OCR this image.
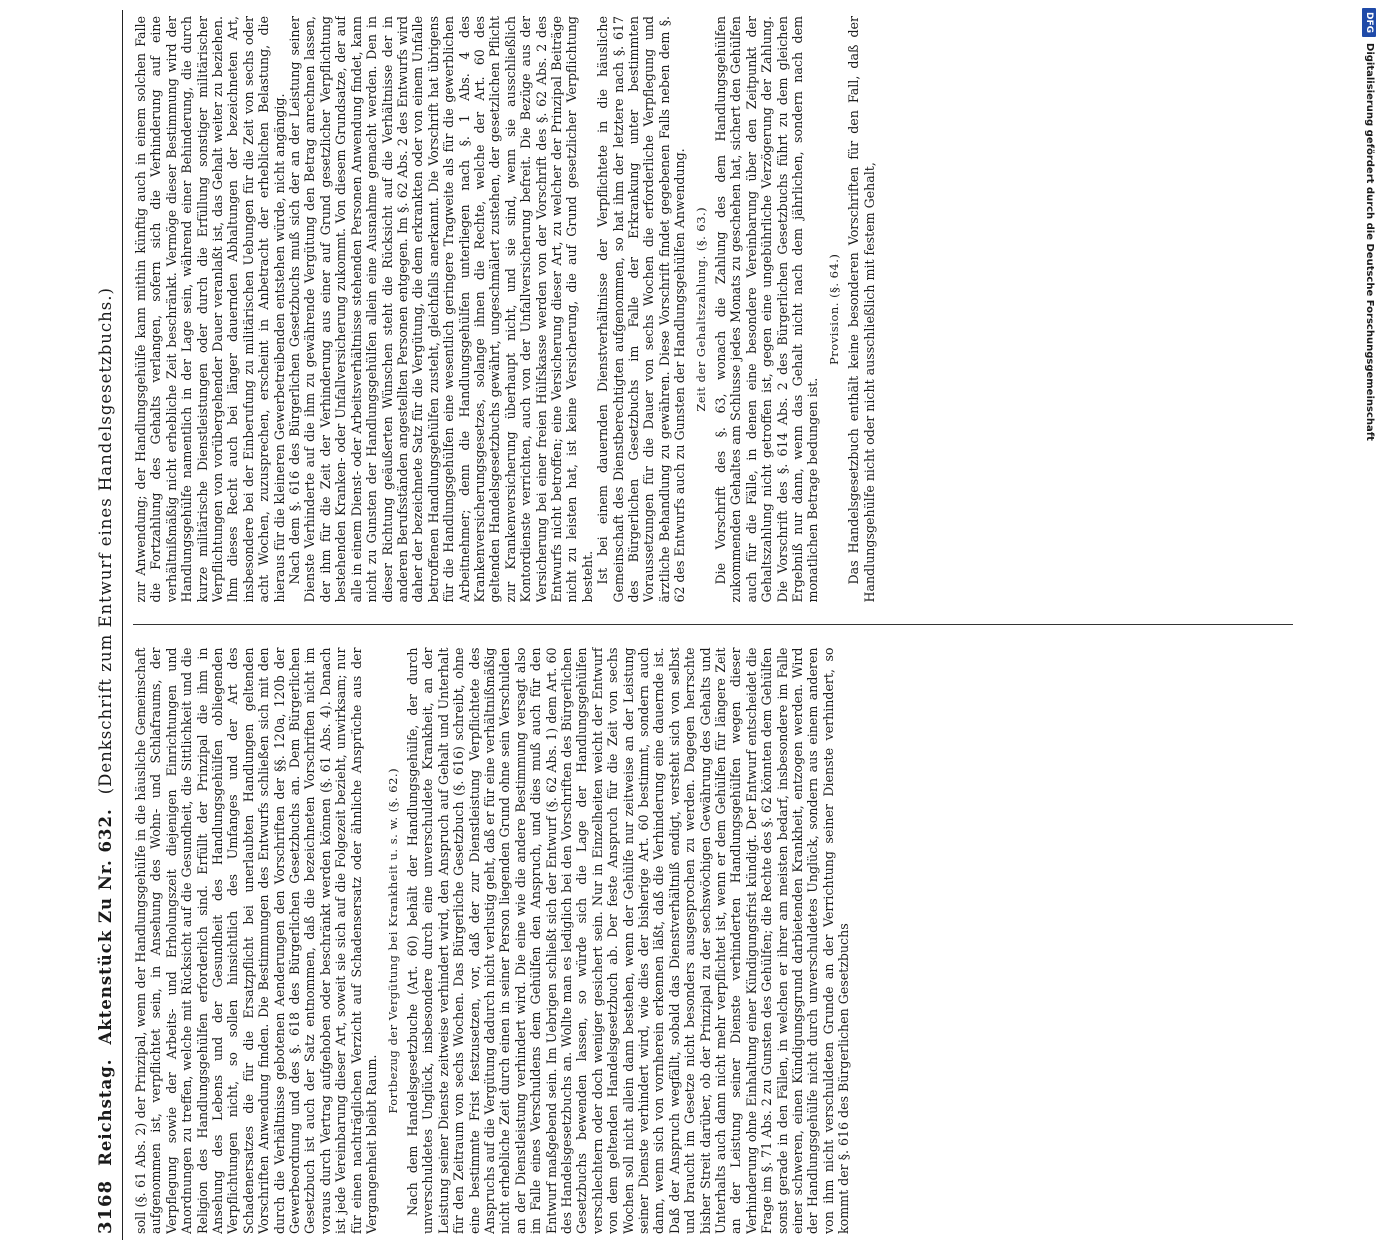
3168
Reichstag.
Aktenstück Zu Nr. 632.
(Denkschrift zum Entwurf eines Handelsgesetzbuchs.)

soll (§. 61 Abs. 2) der Prinzipal, wenn der Handlungsgehülfe in die häusliche Gemeinschaft aufgenommen ist, verpflichtet sein, in Ansehung des Wohn- und Schlafraums, der Verpflegung sowie der Arbeits- und Erholungszeit diejenigen Einrichtungen und Anordnungen zu treffen, welche mit Rücksicht auf die Gesundheit, die Sittlichkeit und die Religion des Handlungsgehülfen erforderlich sind. Erfüllt der Prinzipal die ihm in Ansehung des Lebens und der Gesundheit des Handlungsgehülfen obliegenden Verpflichtungen nicht, so sollen hinsichtlich des Umfanges und der Art des Schadenersatzes die für die Ersatzpflicht bei unerlaubten Handlungen geltenden Vorschriften Anwendung finden. Die Bestimmungen des Entwurfs schließen sich mit den durch die Verhältnisse gebotenen Aenderungen den Vorschriften der §§. 120a, 120b der Gewerbeordnung und des §. 618 des Bürgerlichen Gesetzbuchs an. Dem Bürgerlichen Gesetzbuch ist auch der Satz entnommen, daß die bezeichneten Vorschriften nicht im voraus durch Vertrag aufgehoben oder beschränkt werden können (§. 61 Abs. 4). Danach ist jede Vereinbarung dieser Art, soweit sie sich auf die Folgezeit bezieht, unwirksam; nur für einen nachträglichen Verzicht auf Schadensersatz oder ähnliche Ansprüche aus der Vergangenheit bleibt Raum.

Fortbezug der Vergütung bei Krankheit u. s. w. (§. 62.) Nach dem Handelsgesetzbuche (Art. 60) behält der Handlungsgehülfe, der durch unverschuldetes Unglück, insbesondere durch eine unverschuldete Krankheit, an der Leistung seiner Dienste zeitweise verhindert wird, den Anspruch auf Gehalt und Unterhalt für den Zeitraum von sechs Wochen. Das Bürgerliche Gesetzbuch (§. 616) schreibt, ohne eine bestimmte Frist festzusetzen, vor, daß der zur Dienstleistung Verpflichtete des Anspruchs auf die Vergütung dadurch nicht verlustig geht, daß er für eine verhältnißmäßig nicht erhebliche Zeit durch einen in seiner Person liegenden Grund ohne sein Verschulden an der Dienstleistung verhindert wird. Die eine wie die andere Bestimmung versagt also im Falle eines Verschuldens dem Gehülfen den Anspruch, und dies muß auch für den Entwurf maßgebend sein. Im Uebrigen schließt sich der Entwurf (§. 62 Abs. 1) dem Art. 60 des Handelsgesetzbuchs an. Wollte man es lediglich bei den Vorschriften des Bürgerlichen Gesetzbuchs bewenden lassen, so würde sich die Lage der Handlungsgehülfen verschlechtern oder doch weniger gesichert sein. Nur in Einzelheiten weicht der Entwurf von dem geltenden Handelsgesetzbuch ab. Der feste Anspruch für die Zeit von sechs Wochen soll nicht allein dann bestehen, wenn der Gehülfe nur zeitweise an der Leistung seiner Dienste verhindert wird, wie dies der bisherige Art. 60 bestimmt, sondern auch dann, wenn sich von vornherein erkennen läßt, daß die Verhinderung eine dauernde ist. Daß der Anspruch wegfällt, sobald das Dienstverhältniß endigt, versteht sich von selbst und braucht im Gesetze nicht besonders ausgesprochen zu werden. Dagegen herrschte bisher Streit darüber, ob der Prinzipal zu der sechswöchigen Gewährung des Gehalts und Unterhalts auch dann nicht mehr verpflichtet ist, wenn er dem Gehülfen für längere Zeit an der Leistung seiner Dienste verhinderten Handlungsgehülfen wegen dieser Verhinderung ohne Einhaltung einer Kündigungsfrist kündigt. Der Entwurf entscheidet die Frage im §. 71 Abs. 2 zu Gunsten des Gehülfen; die Rechte des §. 62 könnten dem Gehülfen sonst gerade in den Fällen, in welchen er ihrer am meisten bedarf, insbesondere im Falle einer schweren, einen Kündigungsgrund darbietenden Krankheit, entzogen werden. Wird der Handlungsgehülfe nicht durch unverschuldetes Unglück, sondern aus einem anderen von ihm nicht verschuldeten Grunde an der Verrichtung seiner Dienste verhindert, so kommt der §. 616 des Bürgerlichen Gesetzbuchs

zur Anwendung; der Handlungsgehülfe kann mithin künftig auch in einem solchen Falle die Fortzahlung des Gehalts verlangen, sofern sich die Verhinderung auf eine verhältnißmäßig nicht erhebliche Zeit beschränkt. Vermöge dieser Bestimmung wird der Handlungsgehülfe namentlich in der Lage sein, während einer Behinderung, die durch kurze militärische Dienstleistungen oder durch die Erfüllung sonstiger militärischer Verpflichtungen von vorübergehender Dauer veranlaßt ist, das Gehalt weiter zu beziehen. Ihm dieses Recht auch bei länger dauernden Abhaltungen der bezeichneten Art, insbesondere bei der Einberufung zu militärischen Uebungen für die Zeit von sechs oder acht Wochen, zuzusprechen, erscheint in Anbetracht der erheblichen Belastung, die hieraus für die kleineren Gewerbetreibenden entstehen würde, nicht angängig. Nach dem §. 616 des Bürgerlichen Gesetzbuchs muß sich der an der Leistung seiner Dienste Verhinderte auf die ihm zu gewährende Vergütung den Betrag anrechnen lassen, der ihm für die Zeit der Verhinderung aus einer auf Grund gesetzlicher Verpflichtung bestehenden Kranken- oder Unfallversicherung zukommt. Von diesem Grundsatze, der auf alle in einem Dienst- oder Arbeitsverhältnisse stehenden Personen Anwendung findet, kann nicht zu Gunsten der Handlungsgehülfen allein eine Ausnahme gemacht werden. Den in dieser Richtung geäußerten Wünschen steht die Rücksicht auf die Verhältnisse der in anderen Berufsständen angestellten Personen entgegen. Im §. 62 Abs. 2 des Entwurfs wird daher der bezeichnete Satz für die Vergütung, die dem erkrankten oder von einem Unfalle betroffenen Handlungsgehülfen zusteht, gleichfalls anerkannt. Die Vorschrift hat übrigens für die Handlungsgehülfen eine wesentlich geringere Tragweite als für die gewerblichen Arbeitnehmer; denn die Handlungsgehülfen unterliegen nach §. 1 Abs. 4 des Krankenversicherungsgesetzes, solange ihnen die Rechte, welche der Art. 60 des geltenden Handelsgesetzbuchs gewährt, ungeschmälert zustehen, der gesetzlichen Pflicht zur Krankenversicherung überhaupt nicht, und sie sind, wenn sie ausschließlich Kontordienste verrichten, auch von der Unfallversicherung befreit. Die Bezüge aus der Versicherung bei einer freien Hülfskasse werden von der Vorschrift des §. 62 Abs. 2 des Entwurfs nicht betroffen; eine Versicherung dieser Art, zu welcher der Prinzipal Beiträge nicht zu leisten hat, ist keine Versicherung, die auf Grund gesetzlicher Verpflichtung besteht. Ist bei einem dauernden Dienstverhältnisse der Verpflichtete in die häusliche Gemeinschaft des Dienstberechtigten aufgenommen, so hat ihm der letztere nach §. 617 des Bürgerlichen Gesetzbuchs im Falle der Erkrankung unter bestimmten Voraussetzungen für die Dauer von sechs Wochen die erforderliche Verpflegung und ärztliche Behandlung zu gewähren. Diese Vorschrift findet gegebenen Falls neben dem §. 62 des Entwurfs auch zu Gunsten der Handlungsgehülfen Anwendung. Zeit der Gehaltszahlung. (§. 63.) Die Vorschrift des §. 63, wonach die Zahlung des dem Handlungsgehülfen zukommenden Gehaltes am Schlusse jedes Monats zu geschehen hat, sichert den Gehülfen auch für die Fälle, in denen eine besondere Vereinbarung über den Zeitpunkt der Gehaltszahlung nicht getroffen ist, gegen eine ungebührliche Verzögerung der Zahlung. Die Vorschrift des §. 614 Abs. 2 des Bürgerlichen Gesetzbuchs führt zu dem gleichen Ergebniß nur dann, wenn das Gehalt nicht nach dem jährlichen, sondern nach dem monatlichen Betrage bedungen ist.

Provision. (§. 64.) Das Handelsgesetzbuch enthält keine besonderen Vorschriften für den Fall, daß der Handlungsgehülfe nicht oder nicht ausschließlich mit festem Gehalt,

DFG
Digitalisierung gefördert durch die Deutsche Forschungsgemeinschaft
